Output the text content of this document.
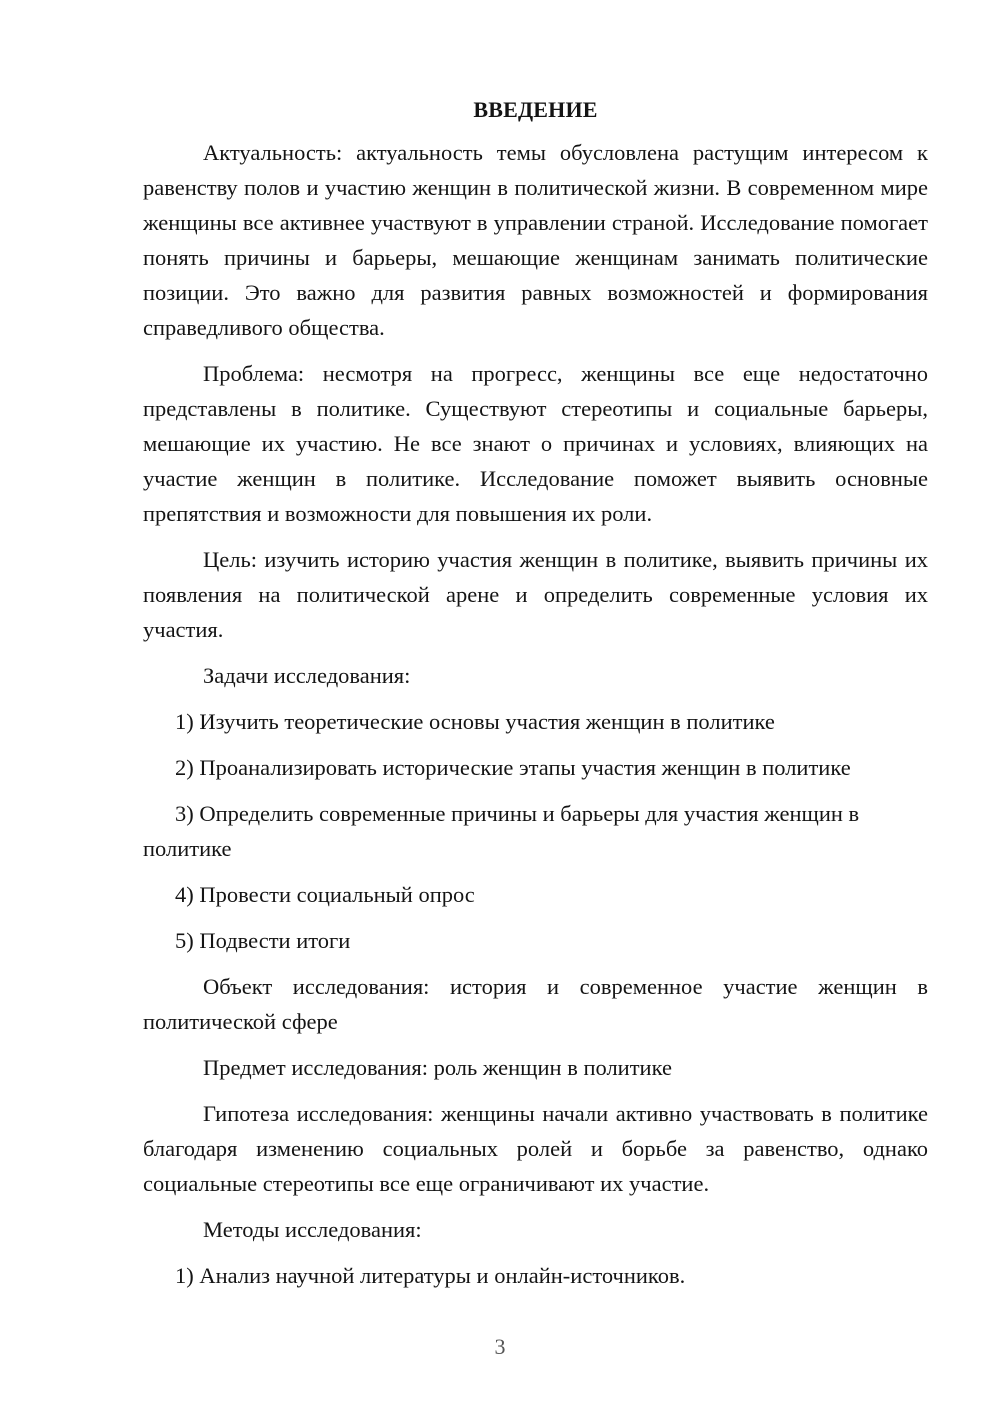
ВВЕДЕНИЕ

Актуальность: актуальность темы обусловлена растущим интересом к равенству полов и участию женщин в политической жизни. В современном мире женщины все активнее участвуют в управлении страной. Исследование помогает понять причины и барьеры, мешающие женщинам занимать политические позиции. Это важно для развития равных возможностей и формирования справедливого общества.

Проблема: несмотря на прогресс, женщины все еще недостаточно представлены в политике. Существуют стереотипы и социальные барьеры, мешающие их участию. Не все знают о причинах и условиях, влияющих на участие женщин в политике. Исследование поможет выявить основные препятствия и возможности для повышения их роли.

Цель: изучить историю участия женщин в политике, выявить причины их появления на политической арене и определить современные условия их участия.

Задачи исследования:

1) Изучить теоретические основы участия женщин в политике

2) Проанализировать исторические этапы участия женщин в политике

3) Определить современные причины и барьеры для участия женщин в политике

4) Провести социальный опрос

5) Подвести итоги

Объект исследования: история и современное участие женщин в политической сфере

Предмет исследования: роль женщин в политике

Гипотеза исследования: женщины начали активно участвовать в политике благодаря изменению социальных ролей и борьбе за равенство, однако социальные стереотипы все еще ограничивают их участие.

Методы исследования:

1) Анализ научной литературы и онлайн-источников.

3
